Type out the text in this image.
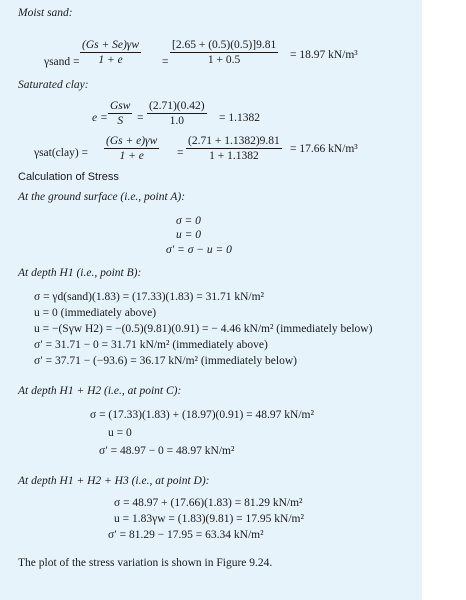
Moist sand:
γsand = $\frac{(Gs + Se)\gamma w}{1 + e} = \frac{[2.65 + (0.5)(0.5)]9.81}{1 + 0.5} = 18.97$ kN/m³
Saturated clay:
e =
Gsw
S	= $\frac{(2.71)(0.42)}{1.0} = 1.1382$
γsat(clay) = $\frac{(Gs + e)\gamma w}{1 + e} = \frac{(2.71 + 1.1382)9.81}{1 + 1.1382} = 17.66$ kN/m³
Calculation of Stress
At the ground surface (i.e., point A):
σ = 0
u = 0
σ′ = σ − u = 0
At depth H1 (i.e., point B):
σ = γd(sand)(1.83) = (17.33)(1.83) = 31.71 kN/m²
u = 0 (immediately above)
u = −(Sγw H2) = −(0.5)(9.81)(0.91) = − 4.46 kN/m² (immediately below)
σ′ = 31.71 − 0 = 31.71 kN/m² (immediately above)
σ′ = 37.71 − (−93.6) = 36.17 kN/m² (immediately below)
At depth H1 + H2 (i.e., at point C):
σ = (17.33)(1.83) + (18.97)(0.91) = 48.97 kN/m²
u = 0
σ′ = 48.97 − 0 = 48.97 kN/m²
At depth H1 + H2 + H3 (i.e., at point D):
σ = 48.97 + (17.66)(1.83) = 81.29 kN/m²
u = 1.83γw = (1.83)(9.81) = 17.95 kN/m²
σ′ = 81.29 − 17.95 = 63.34 kN/m²
The plot of the stress variation is shown in Figure 9.24.
